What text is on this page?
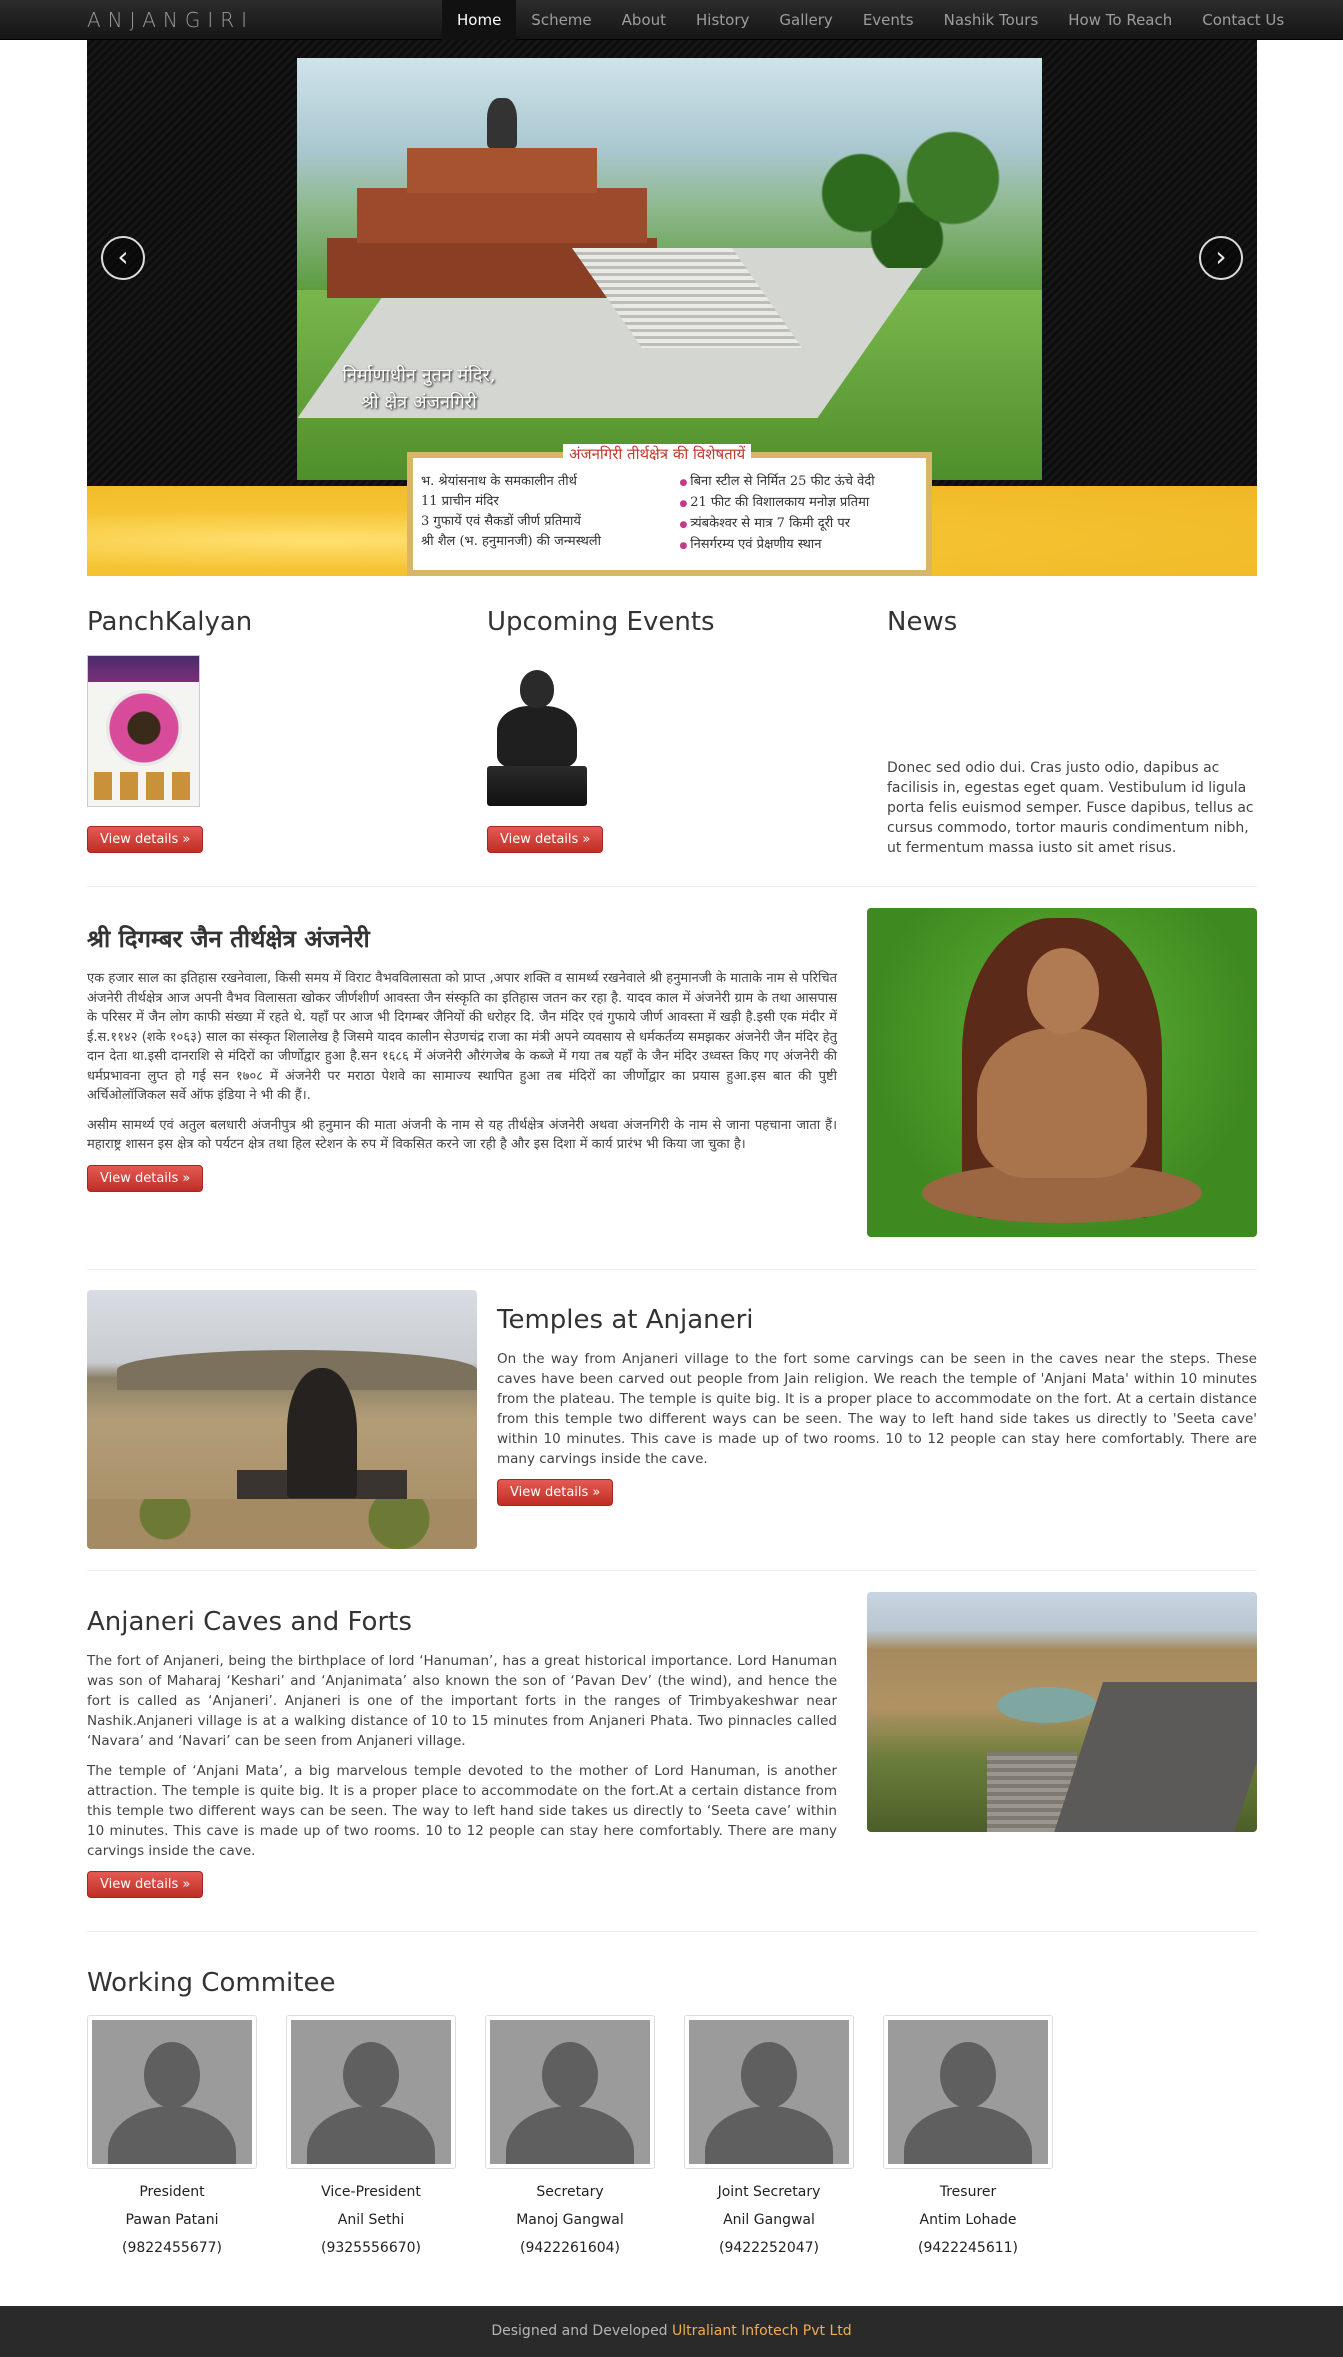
ANJANGIRI	Home	Scheme	About	History	Gallery	Events	Nashik Tours	How To Reach	Contact Us
निर्माणाधीन नुतन मंदिर,
श्री क्षेत्र अंजनगिरी
अंजनगिरी तीर्थक्षेत्र की विशेषतायें
भ. श्रेयांसनाथ के समकालीन तीर्थ
11 प्राचीन मंदिर
3 गुफायें एवं सैकडों जीर्ण प्रतिमायें
श्री शैल (भ. हनुमानजी) की जन्मस्थली
● बिना स्टील से निर्मित 25 फीट ऊंचे वेदी
● 21 फीट की विशालकाय मनोज्ञ प्रतिमा
● त्र्यंबकेश्वर से मात्र 7 किमी दूरी पर
● निसर्गरम्य एवं प्रेक्षणीय स्थान
‹	›
PanchKalyan
View details »
Upcoming Events
View details »
News

Donec sed odio dui. Cras justo odio, dapibus ac facilisis in, egestas eget quam. Vestibulum id ligula porta felis euismod semper. Fusce dapibus, tellus ac cursus commodo, tortor mauris condimentum nibh, ut fermentum massa iusto sit amet risus.

श्री दिगम्बर जैन तीर्थक्षेत्र अंजनेरी

एक हजार साल का इतिहास रखनेवाला, किसी समय में विराट वैभवविलासता को प्राप्त ,अपार शक्ति व सामर्थ्य रखनेवाले श्री हनुमानजी के माताके नाम से परिचित अंजनेरी तीर्थक्षेत्र आज अपनी वैभव विलासता खोकर जीर्णशीर्ण आवस्ता जैन संस्कृति का इतिहास जतन कर रहा है. यादव काल में अंजनेरी ग्राम के तथा आसपास के परिसर में जैन लोग काफी संख्या में रहते थे. यहाँ पर आज भी दिगम्बर जैनियों की धरोहर दि. जैन मंदिर एवं गुफाये जीर्ण आवस्ता में खड़ी है.इसी एक मंदीर में ई.स.११४२ (शके १०६३) साल का संस्कृत शिलालेख है जिसमे यादव कालीन सेउणचंद्र राजा का मंत्री अपने व्यवसाय से धर्मकर्तव्य समझकर अंजनेरी जैन मंदिर हेतु दान देता था.इसी दानराशि से मंदिरों का जीर्णोद्वार हुआ है.सन १६८६ में अंजनेरी औरंगजेब के कब्जे में गया तब यहाँ के जैन मंदिर उध्वस्त किए गए अंजनेरी की धर्मप्रभावना लुप्त हो गई सन १७०८ में अंजनेरी पर मराठा पेशवे का सामाज्य स्थापित हुआ तब मंदिरों का जीर्णोद्वार का प्रयास हुआ.इस बात की पुष्टी अर्चिओलॉजिकल सर्वे ऑफ इंडिया ने भी की हैं।.

असीम सामर्थ्य एवं अतुल बलधारी अंजनीपुत्र श्री हनुमान की माता अंजनी के नाम से यह तीर्थक्षेत्र अंजनेरी अथवा अंजनगिरी के नाम से जाना पहचाना जाता हैं। महाराष्ट्र शासन इस क्षेत्र को पर्यटन क्षेत्र तथा हिल स्टेशन के रुप में विकसित करने जा रही है और इस दिशा में कार्य प्रारंभ भी किया जा चुका है।

View details »
Temples at Anjaneri

On the way from Anjaneri village to the fort some carvings can be seen in the caves near the steps. These caves have been carved out people from Jain religion. We reach the temple of 'Anjani Mata' within 10 minutes from the plateau. The temple is quite big. It is a proper place to accommodate on the fort. At a certain distance from this temple two different ways can be seen. The way to left hand side takes us directly to 'Seeta cave' within 10 minutes. This cave is made up of two rooms. 10 to 12 people can stay here comfortably. There are many carvings inside the cave.

View details »
Anjaneri Caves and Forts

The fort of Anjaneri, being the birthplace of lord ‘Hanuman’, has a great historical importance. Lord Hanuman was son of Maharaj ‘Keshari’ and ‘Anjanimata’ also known the son of ‘Pavan Dev’ (the wind), and hence the fort is called as ‘Anjaneri’. Anjaneri is one of the important forts in the ranges of Trimbyakeshwar near Nashik.Anjaneri village is at a walking distance of 10 to 15 minutes from Anjaneri Phata. Two pinnacles called ‘Navara’ and ‘Navari’ can be seen from Anjaneri village.

The temple of ‘Anjani Mata’, a big marvelous temple devoted to the mother of Lord Hanuman, is another attraction. The temple is quite big. It is a proper place to accommodate on the fort.At a certain distance from this temple two different ways can be seen. The way to left hand side takes us directly to ‘Seeta cave’ within 10 minutes. This cave is made up of two rooms. 10 to 12 people can stay here comfortably. There are many carvings inside the cave.

View details »
Working Commitee
President
Pawan Patani
(9822455677)
Vice-President
Anil Sethi
(9325556670)
Secretary
Manoj Gangwal
(9422261604)
Joint Secretary
Anil Gangwal
(9422252047)
Tresurer
Antim Lohade
(9422245611)
Designed and Developed Ultraliant Infotech Pvt Ltd
